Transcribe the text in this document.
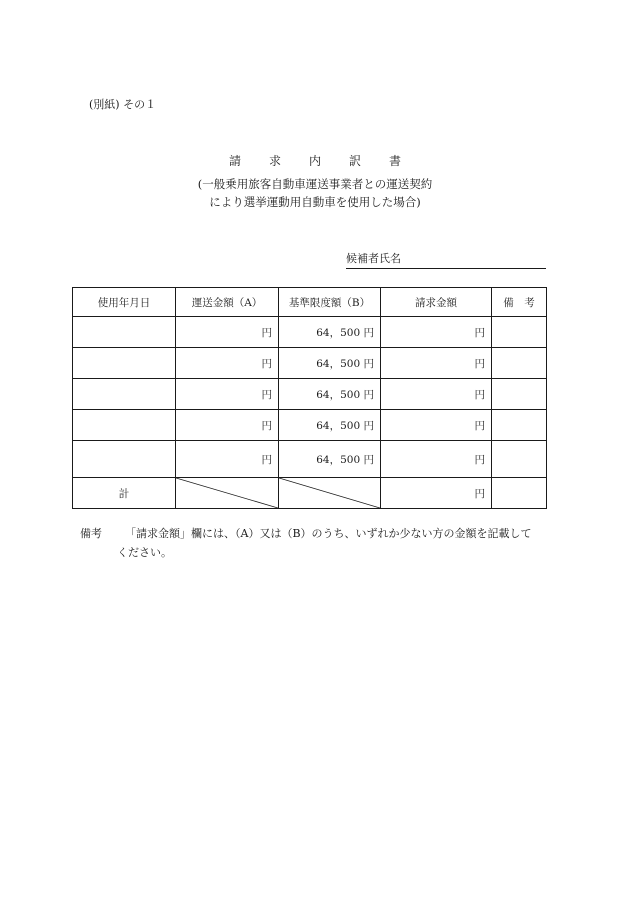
(別紙) その１
請 求 内 訳 書
(一般乗用旅客自動車運送事業者との運送契約
により選挙運動用自動車を使用した場合)
候補者氏名
使用年月日	運送金額（A）	基準限度額（B）	請求金額	備　考
	円	64，500 円	円	
	円	64，500 円	円	
	円	64，500 円	円	
	円	64，500 円	円	
	円	64，500 円	円	
計			円	
備考	「請求金額」欄には、（A）又は（B）のうち、いずれか少ない方の金額を記載して
ください。
